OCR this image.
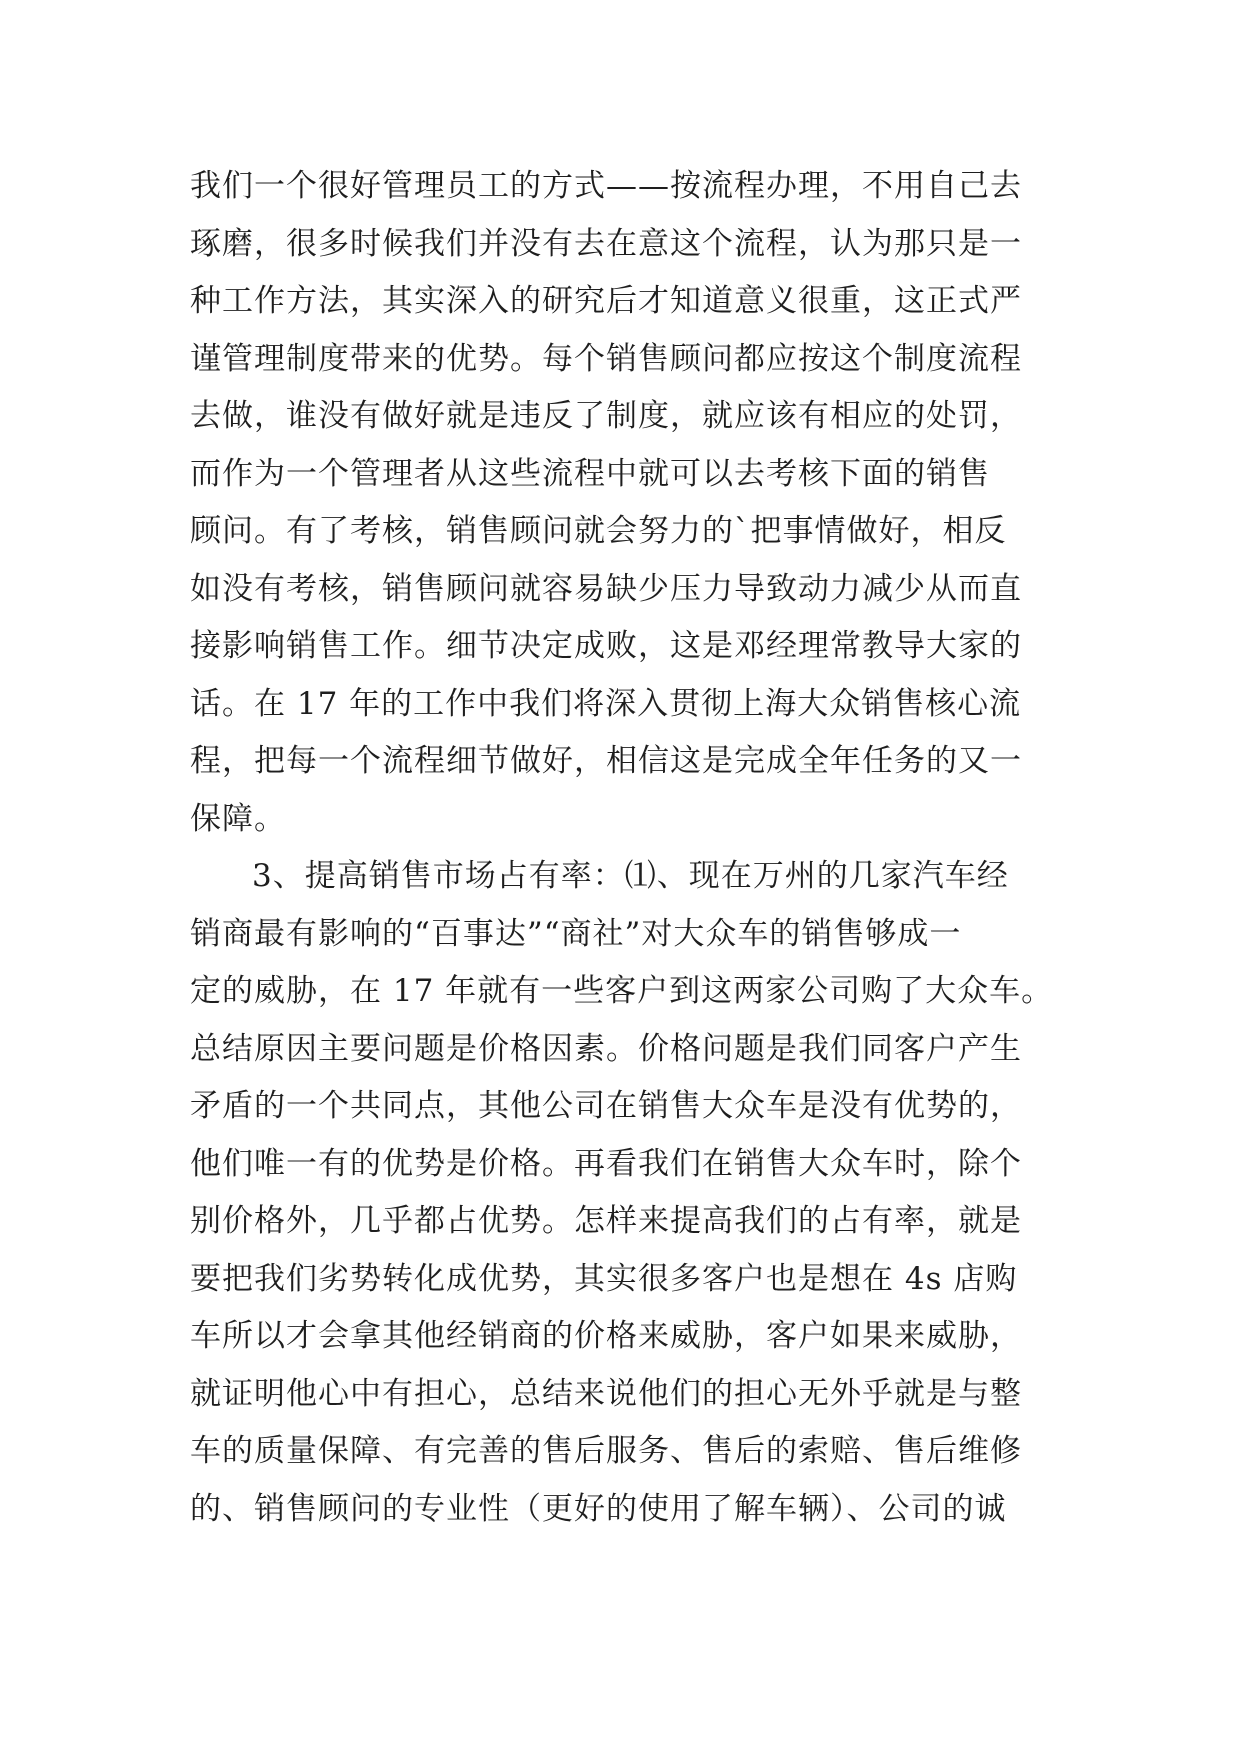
我们一个很好管理员工的方式——按流程办理，不用自己去
琢磨，很多时候我们并没有去在意这个流程，认为那只是一
种工作方法，其实深入的研究后才知道意义很重，这正式严
谨管理制度带来的优势。每个销售顾问都应按这个制度流程
去做，谁没有做好就是违反了制度，就应该有相应的处罚，
而作为一个管理者从这些流程中就可以去考核下面的销售
顾问。有了考核，销售顾问就会努力的`把事情做好，相反
如没有考核，销售顾问就容易缺少压力导致动力减少从而直
接影响销售工作。细节决定成败，这是邓经理常教导大家的
话。在 17 年的工作中我们将深入贯彻上海大众销售核心流
程，把每一个流程细节做好，相信这是完成全年任务的又一
保障。
3、提高销售市场占有率：⑴、现在万州的几家汽车经
销商最有影响的“百事达”“商社”对大众车的销售够成一
定的威胁，在 17 年就有一些客户到这两家公司购了大众车。
总结原因主要问题是价格因素。价格问题是我们同客户产生
矛盾的一个共同点，其他公司在销售大众车是没有优势的，
他们唯一有的优势是价格。再看我们在销售大众车时，除个
别价格外，几乎都占优势。怎样来提高我们的占有率，就是
要把我们劣势转化成优势，其实很多客户也是想在 4s 店购
车所以才会拿其他经销商的价格来威胁，客户如果来威胁，
就证明他心中有担心，总结来说他们的担心无外乎就是与整
车的质量保障、有完善的售后服务、售后的索赔、售后维修
的、销售顾问的专业性（更好的使用了解车辆）、公司的诚
